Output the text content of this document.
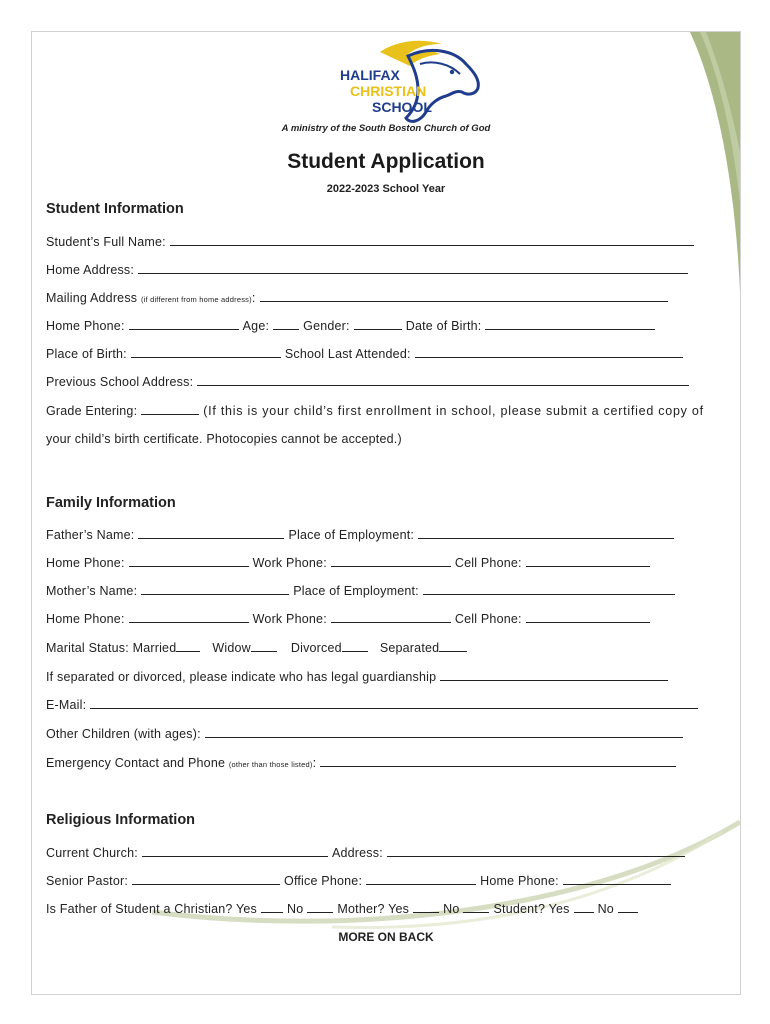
HALIFAX
CHRISTIAN
SCHOOL
A ministry of the South Boston Church of God
Student Application
2022-2023 School Year
Student Information
Student’s Full Name:
Home Address:
Mailing Address
(if different from home address) :
Home Phone:	Age:	Gender:	Date of Birth:
Place of Birth:	School Last Attended:
Previous School Address:
Grade Entering:	(If this is your child’s first enrollment in school, please submit a certified copy of
your child’s birth certificate. Photocopies cannot be accepted.)
Family Information
Father’s Name:	Place of Employment:
Home Phone:	Work Phone:	Cell Phone:
Mother’s Name:	Place of Employment:
Home Phone:	Work Phone:	Cell Phone:
Marital Status:
Married	Widow	Divorced	Separated
If separated or divorced, please indicate who has legal guardianship
E-Mail:
Other Children (with ages):
Emergency Contact and Phone
(other than those listed) :
Religious Information
Current Church:	Address:
Senior Pastor:	Office Phone:	Home Phone:
Is Father of Student a Christian? Yes No	Mother? Yes	No	Student? Yes No
MORE ON BACK
